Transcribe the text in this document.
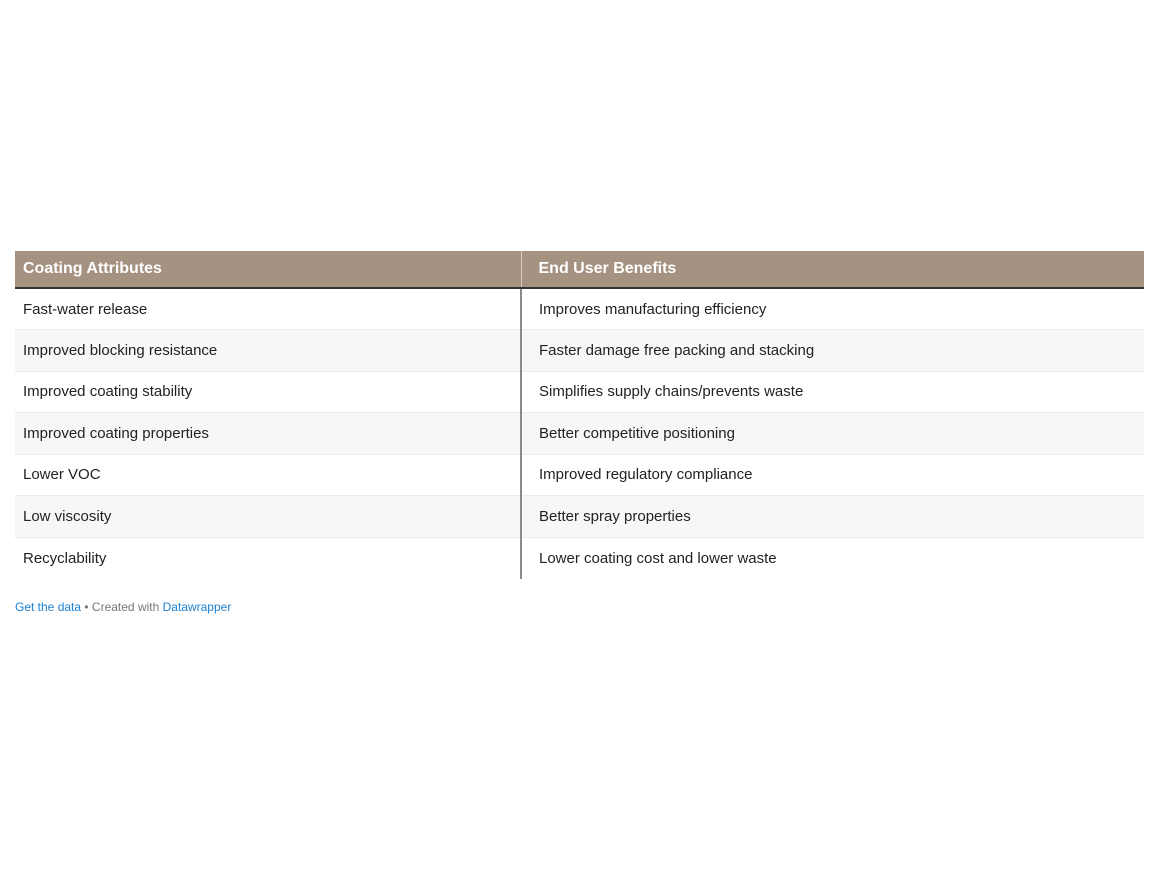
Coating Attributes	End User Benefits
Fast-water release	Improves manufacturing efficiency
Improved blocking resistance	Faster damage free packing and stacking
Improved coating stability	Simplifies supply chains/prevents waste
Improved coating properties	Better competitive positioning
Lower VOC	Improved regulatory compliance
Low viscosity	Better spray properties
Recyclability	Lower coating cost and lower waste
Get the data • Created with Datawrapper
